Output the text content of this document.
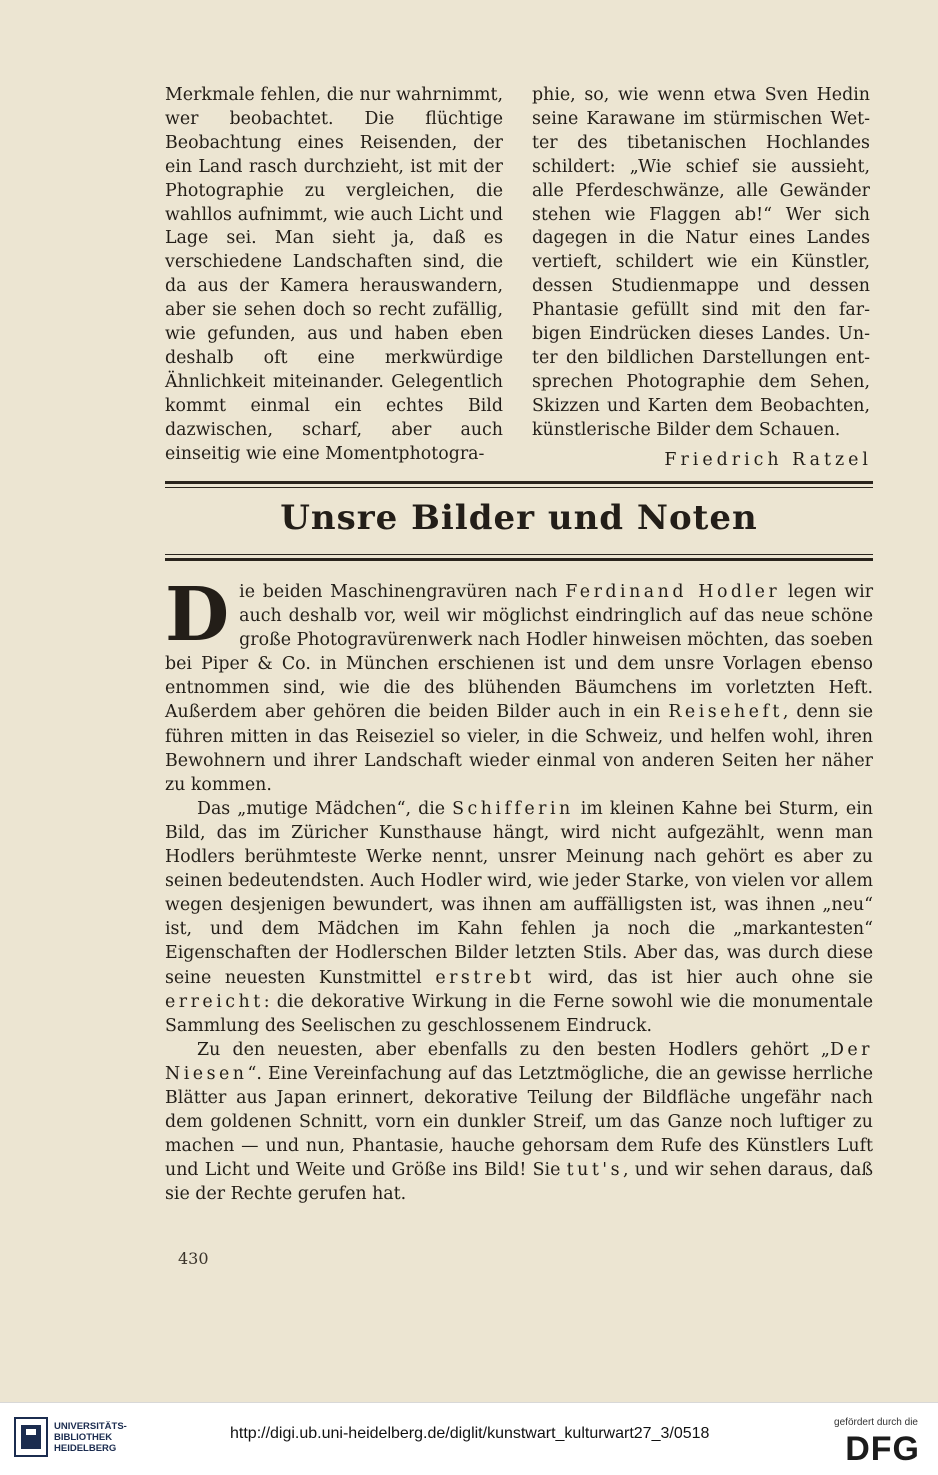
Merkmale fehlen, die nur wahrnimmt, wer beobachtet. Die flüchtige Beobachtung eines Reisenden, der ein Land rasch durchzieht, ist mit der Photographie zu vergleichen, die wahllos aufnimmt, wie auch Licht und Lage sei. Man sieht ja, daß es verschiedene Landschaften sind, die da aus der Kamera herauswandern, aber sie sehen doch so recht zufällig, wie gefunden, aus und haben eben deshalb oft eine merkwürdige Ähnlichkeit miteinander. Gelegentlich kommt einmal ein echtes Bild dazwischen, scharf, aber auch einseitig wie eine Momentphotogra-

phie, so, wie wenn etwa Sven Hedin seine Karawane im stürmischen Wetter des tibetanischen Hochlandes schildert: „Wie schief sie aussieht, alle Pferdeschwänze, alle Gewänder stehen wie Flaggen ab!“ Wer sich dagegen in die Natur eines Landes vertieft, schildert wie ein Künstler, dessen Studienmappe und dessen Phantasie gefüllt sind mit den farbigen Eindrücken dieses Landes. Unter den bildlichen Darstellungen entsprechen Photographie dem Sehen, Skizzen und Karten dem Beobachten, künstlerische Bilder dem Schauen.

Friedrich Ratzel
Unsre Bilder und Noten

Die beiden Maschinengravüren nach Ferdinand Hodler legen wir auch deshalb vor, weil wir möglichst eindringlich auf das neue schöne große Photogravürenwerk nach Hodler hinweisen möchten, das soeben bei Piper & Co. in München erschienen ist und dem unsre Vorlagen ebenso entnommen sind, wie die des blühenden Bäumchens im vorletzten Heft. Außerdem aber gehören die beiden Bilder auch in ein Reiseheft, denn sie führen mitten in das Reiseziel so vieler, in die Schweiz, und helfen wohl, ihren Bewohnern und ihrer Landschaft wieder einmal von anderen Seiten her näher zu kommen.

Das „mutige Mädchen“, die Schifferin im kleinen Kahne bei Sturm, ein Bild, das im Züricher Kunsthause hängt, wird nicht aufgezählt, wenn man Hodlers berühmteste Werke nennt, unsrer Meinung nach gehört es aber zu seinen bedeutendsten. Auch Hodler wird, wie jeder Starke, von vielen vor allem wegen desjenigen bewundert, was ihnen am auffälligsten ist, was ihnen „neu“ ist, und dem Mädchen im Kahn fehlen ja noch die „markantesten“ Eigenschaften der Hodlerschen Bilder letzten Stils. Aber das, was durch diese seine neuesten Kunstmittel erstrebt wird, das ist hier auch ohne sie erreicht: die dekorative Wirkung in die Ferne sowohl wie die monumentale Sammlung des Seelischen zu geschlossenem Eindruck.

Zu den neuesten, aber ebenfalls zu den besten Hodlers gehört „Der Niesen“. Eine Vereinfachung auf das Letztmögliche, die an gewisse herrliche Blätter aus Japan erinnert, dekorative Teilung der Bildfläche ungefähr nach dem goldenen Schnitt, vorn ein dunkler Streif, um das Ganze noch luftiger zu machen — und nun, Phantasie, hauche gehorsam dem Rufe des Künstlers Luft und Licht und Weite und Größe ins Bild! Sie tut's, und wir sehen daraus, daß sie der Rechte gerufen hat.

430
UNIVERSITÄTS-
BIBLIOTHEK
HEIDELBERG
http://digi.ub.uni-heidelberg.de/diglit/kunstwart_kulturwart27_3/0518
gefördert durch die
DFG
